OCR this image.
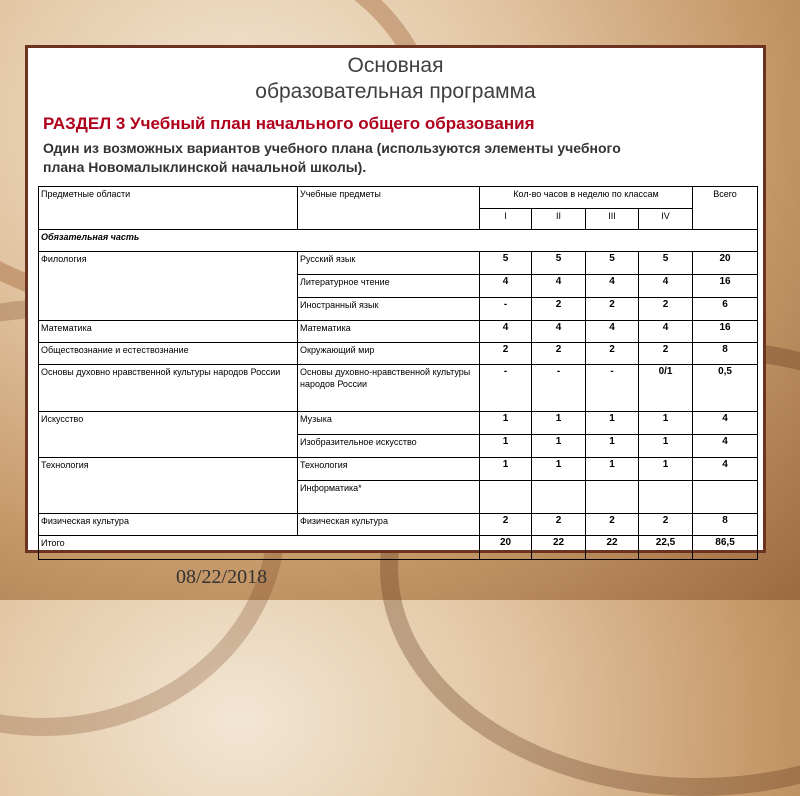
Основная
образовательная программа
РАЗДЕЛ 3 Учебный план начального общего образования
Один из возможных вариантов учебного плана (используются элементы учебного
плана Новомалыклинской начальной школы).
Предметные области	Учебные предметы	Кол-во часов в неделю по классам				Всего
		I	II	III	IV	
Обязательная часть						
Филология	Русский язык	5	5	5	5	20
	Литературное чтение	4	4	4	4	16
	Иностранный язык	-	2	2	2	6
Математика	Математика	4	4	4	4	16
Обществознание и естествознание	Окружающий мир	2	2	2	2	8
Основы духовно нравственной культуры народов России	Основы духовно-нравственной культуры народов России	-	-	-	0/1	0,5
Искусство	Музыка	1	1	1	1	4
	Изобразительное искусство	1	1	1	1	4
Технология	Технология	1	1	1	1	4
	Информатика*					
Физическая культура	Физическая культура	2	2	2	2	8
Итого		20	22	22	22,5	86,5
08/22/2018
